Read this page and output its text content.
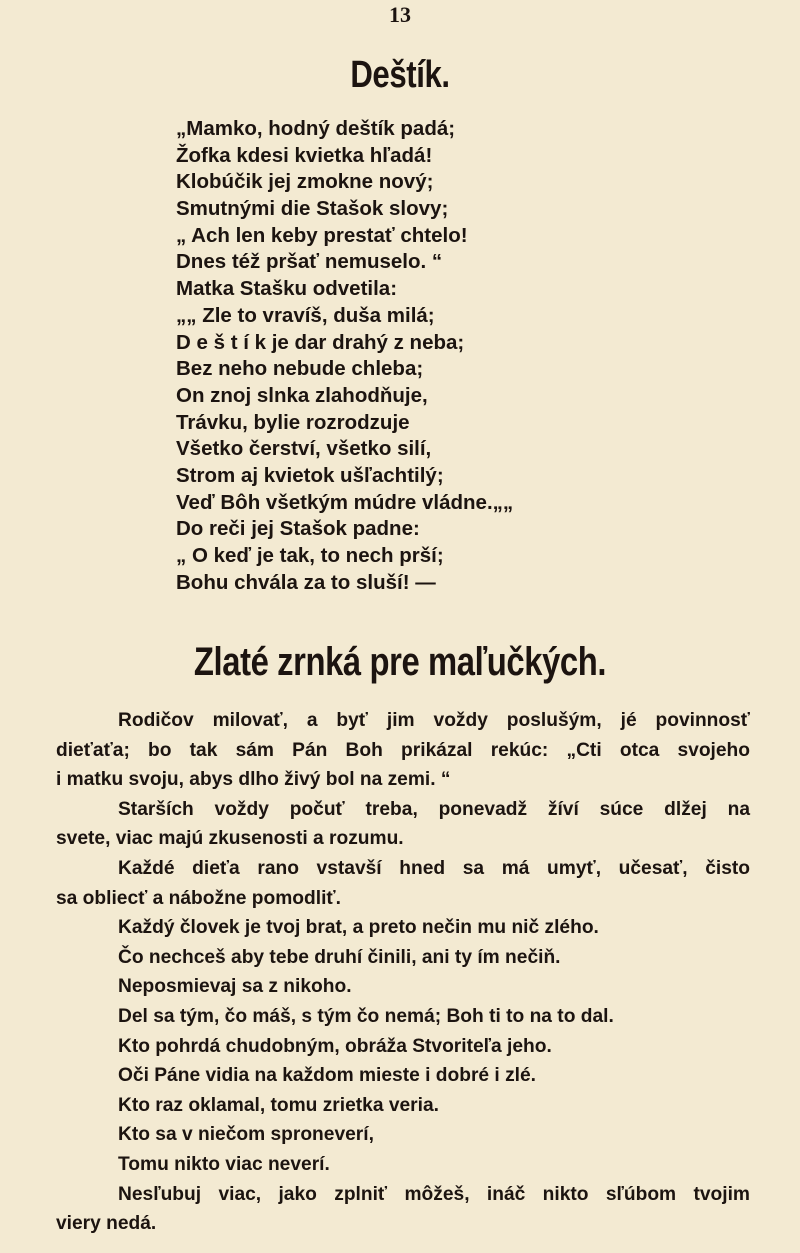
13
Deštík.
„Mamko, hodný deštík padá;
Žofka kdesi kvietka hľadá!
Klobúčik jej zmokne nový;
Smutnými die Stašok slovy;
„ Ach len keby prestať chtelo!
Dnes též pršať nemuselo. “
Matka Stašku odvetila:
„„ Zle to vravíš, duša milá;
D e š t í k je dar drahý z neba;
Bez neho nebude chleba;
On znoj slnka zlahodňuje,
Trávku, bylie rozrodzuje
Všetko čerství, všetko silí,
Strom aj kvietok ušľachtilý;
Veď Bôh všetkým múdre vládne.„„
Do reči jej Stašok padne:
„ O keď je tak, to nech prší;
Bohu chvála za to sluší! —
Zlaté zrnká pre maľučkých.
Rodičov milovať, a byť jim voždy poslušým, jé povinnosť
dieťaťa; bo tak sám Pán Boh prikázal rekúc: „Cti otca svojeho
i matku svoju, abys dlho živý bol na zemi. “
Starších voždy počuť treba, ponevadž žíví súce dlžej na
svete, viac majú zkusenosti a rozumu.
Každé dieťa rano vstavší hned sa má umyť, učesať, čisto
sa obliecť a nábožne pomodliť.
Každý človek je tvoj brat, a preto nečin mu nič zlého.
Čo nechceš aby tebe druhí činili, ani ty ím nečiň.
Neposmievaj sa z nikoho.
Del sa tým, čo máš, s tým čo nemá; Boh ti to na to dal.
Kto pohrdá chudobným, obráža Stvoriteľa jeho.
Oči Páne vidia na každom mieste i dobré i zlé.
Kto raz oklamal, tomu zrietka veria.
Kto sa v niečom sproneverí,
Tomu nikto viac neverí.
Nesľubuj viac, jako zplniť môžeš, ináč nikto sľúbom tvojim
viery nedá.
